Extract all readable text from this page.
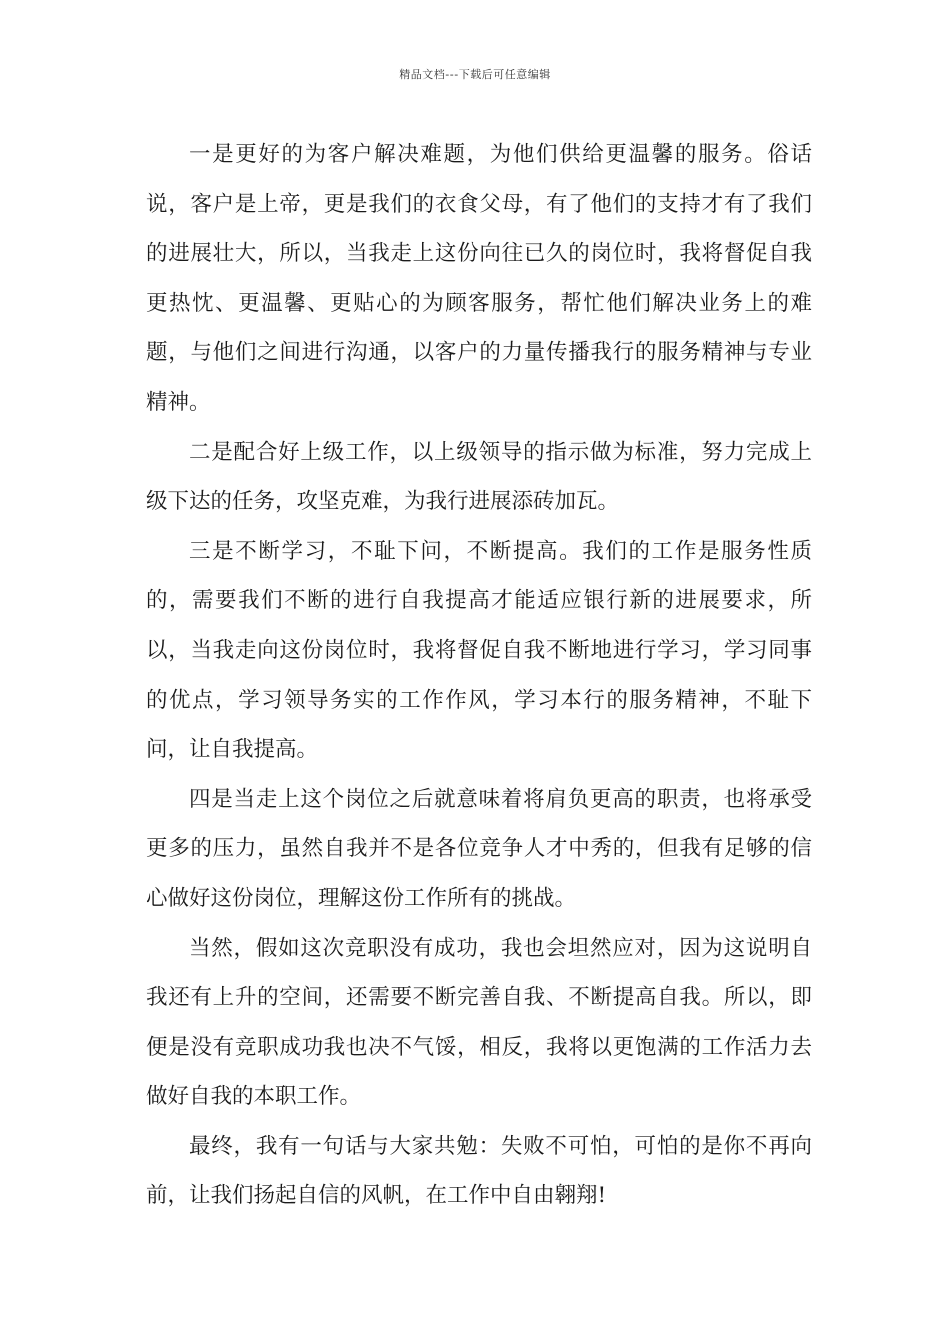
精品文档---下载后可任意编辑

一是更好的为客户解决难题，为他们供给更温馨的服务。俗话说，客户是上帝，更是我们的衣食父母，有了他们的支持才有了我们的进展壮大，所以，当我走上这份向往已久的岗位时，我将督促自我更热忱、更温馨、更贴心的为顾客服务，帮忙他们解决业务上的难题，与他们之间进行沟通，以客户的力量传播我行的服务精神与专业精神。

二是配合好上级工作，以上级领导的指示做为标准，努力完成上级下达的任务，攻坚克难，为我行进展添砖加瓦。

三是不断学习，不耻下问，不断提高。我们的工作是服务性质的，需要我们不断的进行自我提高才能适应银行新的进展要求，所以，当我走向这份岗位时，我将督促自我不断地进行学习，学习同事的优点，学习领导务实的工作作风，学习本行的服务精神，不耻下问，让自我提高。

四是当走上这个岗位之后就意味着将肩负更高的职责，也将承受更多的压力，虽然自我并不是各位竞争人才中秀的，但我有足够的信心做好这份岗位，理解这份工作所有的挑战。

当然，假如这次竞职没有成功，我也会坦然应对，因为这说明自我还有上升的空间，还需要不断完善自我、不断提高自我。所以，即便是没有竞职成功我也决不气馁，相反，我将以更饱满的工作活力去做好自我的本职工作。

最终，我有一句话与大家共勉：失败不可怕，可怕的是你不再向前，让我们扬起自信的风帆，在工作中自由翱翔!
